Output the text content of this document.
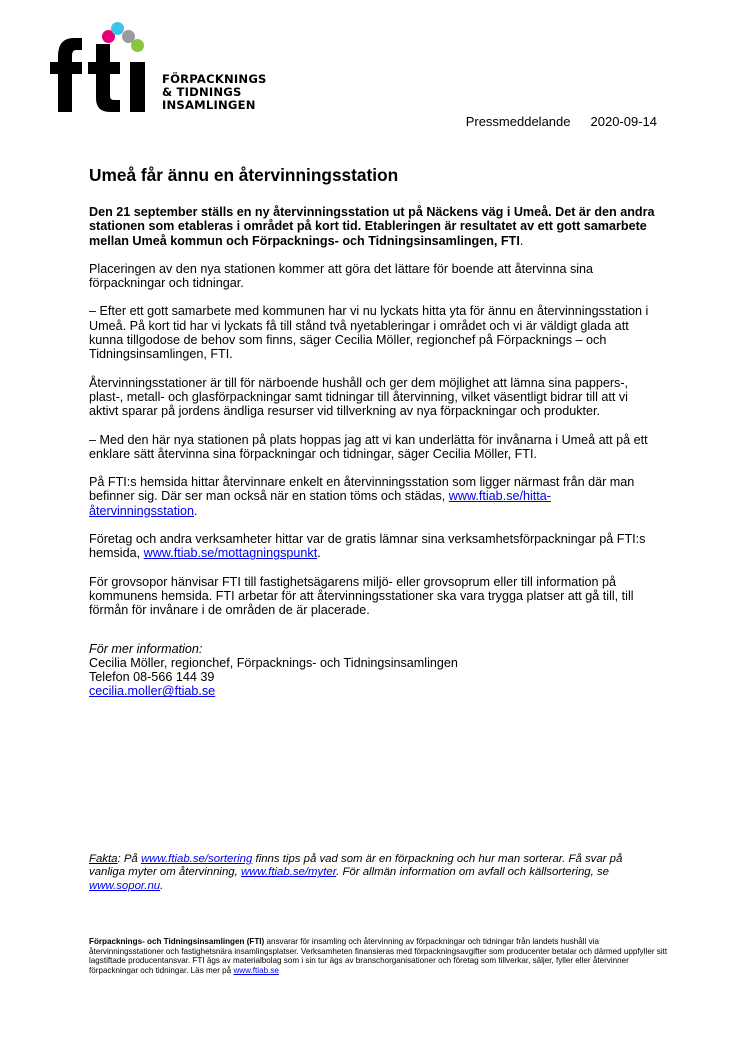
FÖRPACKNINGS
& TIDNINGS
INSAMLINGEN
Pressmeddelande 2020-09-14
Umeå får ännu en återvinningsstation

Den 21 september ställs en ny återvinningsstation ut på Näckens väg i Umeå. Det är den andra stationen som etableras i området på kort tid. Etableringen är resultatet av ett gott samarbete mellan Umeå kommun och Förpacknings- och Tidningsinsamlingen, FTI.

Placeringen av den nya stationen kommer att göra det lättare för boende att återvinna sina förpackningar och tidningar.

– Efter ett gott samarbete med kommunen har vi nu lyckats hitta yta för ännu en återvinningsstation i Umeå. På kort tid har vi lyckats få till stånd två nyetableringar i området och vi är väldigt glada att kunna tillgodose de behov som finns, säger Cecilia Möller, regionchef på Förpacknings – och Tidningsinsamlingen, FTI.

Återvinningsstationer är till för närboende hushåll och ger dem möjlighet att lämna sina pappers-, plast-, metall- och glasförpackningar samt tidningar till återvinning, vilket väsentligt bidrar till att vi aktivt sparar på jordens ändliga resurser vid tillverkning av nya förpackningar och produkter.

– Med den här nya stationen på plats hoppas jag att vi kan underlätta för invånarna i Umeå att på ett enklare sätt återvinna sina förpackningar och tidningar, säger Cecilia Möller, FTI.

På FTI:s hemsida hittar återvinnare enkelt en återvinningsstation som ligger närmast från där man befinner sig. Där ser man också när en station töms och städas, www.ftiab.se/hitta-återvinningsstation.

Företag och andra verksamheter hittar var de gratis lämnar sina verksamhetsförpackningar på FTI:s hemsida, www.ftiab.se/mottagningspunkt.

För grovsopor hänvisar FTI till fastighetsägarens miljö- eller grovsoprum eller till information på kommunens hemsida. FTI arbetar för att återvinningsstationer ska vara trygga platser att gå till, till förmån för invånare i de områden de är placerade.

För mer information:
Cecilia Möller, regionchef, Förpacknings- och Tidningsinsamlingen
Telefon 08-566 144 39
cecilia.moller@ftiab.se
Fakta: På www.ftiab.se/sortering finns tips på vad som är en förpackning och hur man sorterar. Få svar på vanliga myter om återvinning, www.ftiab.se/myter. För allmän information om avfall och källsortering, se www.sopor.nu.
Förpacknings- och Tidningsinsamlingen (FTI) ansvarar för insamling och återvinning av förpackningar och tidningar från landets hushåll via återvinningsstationer och fastighetsnära insamlingsplatser. Verksamheten finansieras med förpackningsavgifter som producenter betalar och därmed uppfyller sitt lagstiftade producentansvar. FTI ägs av materialbolag som i sin tur ägs av branschorganisationer och företag som tillverkar, säljer, fyller eller återvinner förpackningar och tidningar. Läs mer på www.ftiab.se
